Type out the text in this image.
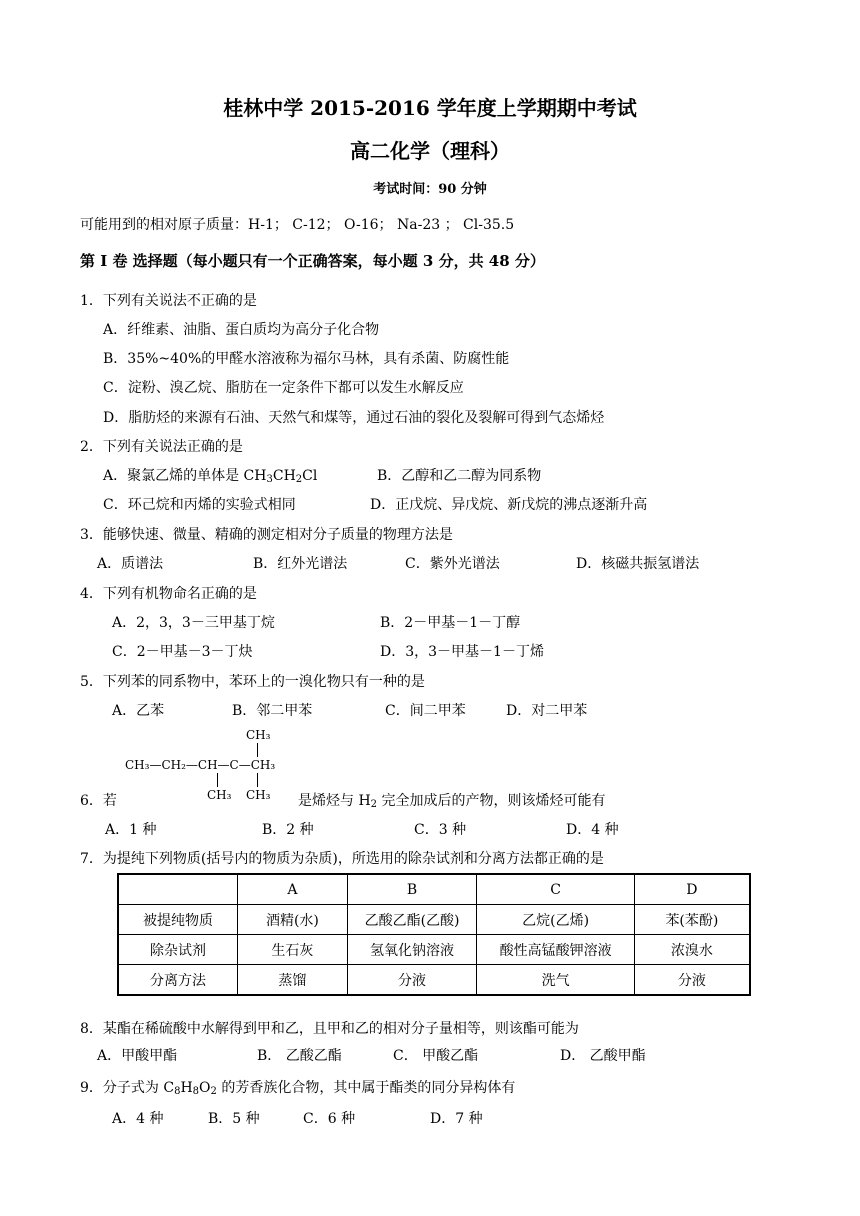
桂林中学 2015-2016 学年度上学期期中考试
高二化学（理科）
考试时间：90 分钟
可能用到的相对原子质量：H-1； C-12； O-16； Na-23 ； Cl-35.5
第 I 卷 选择题（每小题只有一个正确答案，每小题 3 分，共 48 分）
1．下列有关说法不正确的是
A．纤维素、油脂、蛋白质均为高分子化合物
B．35%~40%的甲醛水溶液称为福尔马林，具有杀菌、防腐性能
C．淀粉、溴乙烷、脂肪在一定条件下都可以发生水解反应
D．脂肪烃的来源有石油、天然气和煤等，通过石油的裂化及裂解可得到气态烯烃
2．下列有关说法正确的是
A．聚氯乙烯的单体是 $CH_3CH_2Cl$	B．乙醇和乙二醇为同系物
C．环己烷和丙烯的实验式相同	D．正戊烷、异戊烷、新戊烷的沸点逐渐升高
3．能够快速、微量、精确的测定相对分子质量的物理方法是
A．质谱法	B．红外光谱法	C．紫外光谱法	D．核磁共振氢谱法
4．下列有机物命名正确的是
A．2，3，3－三甲基丁烷	B．2－甲基－1－丁醇
C．2－甲基－3－丁炔	D．3，3－甲基－1－丁烯
5．下列苯的同系物中，苯环上的一溴化物只有一种的是
A．乙苯	B．邻二甲苯	C．间二甲苯	D．对二甲苯
CH₃
CH₃—CH₂—CH—C—CH₃
CH₃ CH₃
6．若	是烯烃与 $H_2$ 完全加成后的产物，则该烯烃可能有
A．1 种	B．2 种	C．3 种	D．4 种
7．为提纯下列物质(括号内的物质为杂质)，所选用的除杂试剂和分离方法都正确的是
	A	B	C	D
被提纯物质	酒精(水)	乙酸乙酯(乙酸)	乙烷(乙烯)	苯(苯酚)
除杂试剂	生石灰	氢氧化钠溶液	酸性高锰酸钾溶液	浓溴水
分离方法	蒸馏	分液	洗气	分液
8．某酯在稀硫酸中水解得到甲和乙，且甲和乙的相对分子量相等，则该酯可能为
A．甲酸甲酯	B． 乙酸乙酯	C． 甲酸乙酯	D． 乙酸甲酯
9．分子式为 $C_8H_8O_2$ 的芳香族化合物，其中属于酯类的同分异构体有
A．4 种	B．5 种	C．6 种	D．7 种
